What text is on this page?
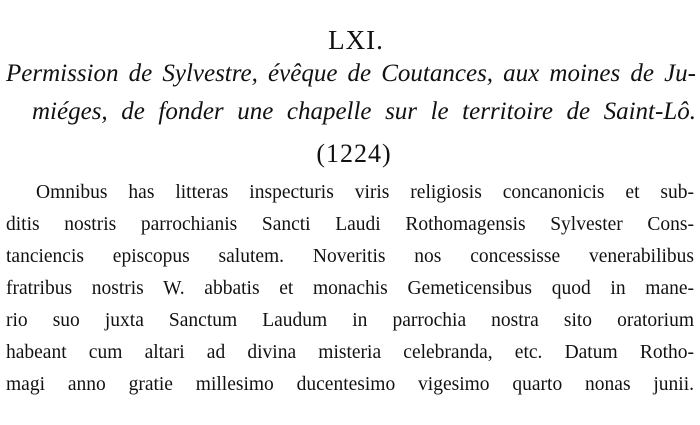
LXI.
Permission de Sylvestre, évêque de Coutances, aux moines de Ju-
miéges, de fonder une chapelle sur le territoire de Saint-Lô.
(1224)
Omnibus has litteras inspecturis viris religiosis concanonicis et sub-
ditis nostris parrochianis Sancti Laudi Rothomagensis Sylvester Cons-
tanciencis episcopus salutem. Noveritis nos concessisse venerabilibus
fratribus nostris W. abbatis et monachis Gemeticensibus quod in mane-
rio suo juxta Sanctum Laudum in parrochia nostra sito oratorium
habeant cum altari ad divina misteria celebranda, etc. Datum Rotho-
magi anno gratie millesimo ducentesimo vigesimo quarto nonas junii.
